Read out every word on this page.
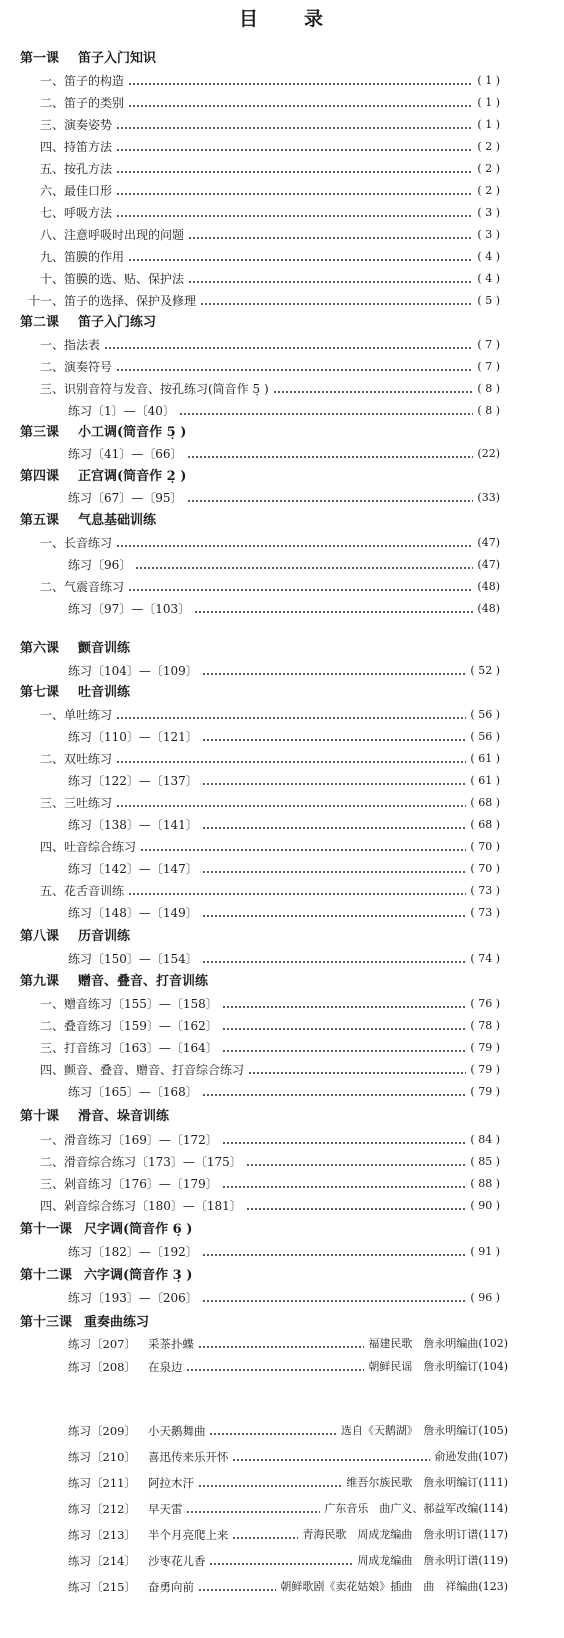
目 录
第一课	笛子入门知识
一、笛子的构造	( 1 )
二、笛子的类别	( 1 )
三、演奏姿势	( 1 )
四、持笛方法	( 2 )
五、按孔方法	( 2 )
六、最佳口形	( 2 )
七、呼吸方法	( 3 )
八、注意呼吸时出现的问题	( 3 )
九、笛膜的作用	( 4 )
十、笛膜的选、贴、保护法	( 4 )
十一、笛子的选择、保护及修理	( 5 )
第二课	笛子入门练习
一、指法表	( 7 )
二、演奏符号	( 7 )
三、识别音符与发音、按孔练习(筒音作 5̣ )	( 8 )
练习〔1〕—〔40〕	( 8 )
第三课	小工调(筒音作 5̣ )
练习〔41〕—〔66〕	(22)
第四课	正宫调(筒音作 2̣ )
练习〔67〕—〔95〕	(33)
第五课	气息基础训练
一、长音练习	(47)
练习〔96〕	(47)
二、气震音练习	(48)
练习〔97〕—〔103〕	(48)
第六课	颤音训练
练习〔104〕—〔109〕	( 52 )
第七课	吐音训练
一、单吐练习	( 56 )
练习〔110〕—〔121〕	( 56 )
二、双吐练习	( 61 )
练习〔122〕—〔137〕	( 61 )
三、三吐练习	( 68 )
练习〔138〕—〔141〕	( 68 )
四、吐音综合练习	( 70 )
练习〔142〕—〔147〕	( 70 )
五、花舌音训练	( 73 )
练习〔148〕—〔149〕	( 73 )
第八课	历音训练
练习〔150〕—〔154〕	( 74 )
第九课	赠音、叠音、打音训练
一、赠音练习〔155〕—〔158〕	( 76 )
二、叠音练习〔159〕—〔162〕	( 78 )
三、打音练习〔163〕—〔164〕	( 79 )
四、颤音、叠音、赠音、打音综合练习	( 79 )
练习〔165〕—〔168〕	( 79 )
第十课	滑音、垛音训练
一、滑音练习〔169〕—〔172〕	( 84 )
二、滑音综合练习〔173〕—〔175〕	( 85 )
三、剁音练习〔176〕—〔179〕	( 88 )
四、剁音综合练习〔180〕—〔181〕	( 90 )
第十一课 尺字调(筒音作 6̣ )
练习〔182〕—〔192〕	( 91 )
第十二课 六字调(筒音作 3̣ )
练习〔193〕—〔206〕	( 96 )
第十三课 重奏曲练习
练习〔207〕 采茶扑蝶	福建民歌　詹永明编曲(102)
练习〔208〕 在泉边	朝鲜民谣　詹永明编订(104)
练习〔209〕 小天鹅舞曲	选自《天鹅湖》　詹永明编订(105)
练习〔210〕 喜迅传来乐开怀	俞逊发曲(107)
练习〔211〕 阿拉木汗	维吾尔族民歌　詹永明编订(111)
练习〔212〕 早天雷	广东音乐　曲广义、郝益军改编(114)
练习〔213〕 半个月亮爬上来	青海民歌　周成龙编曲　詹永明订谱(117)
练习〔214〕 沙枣花儿香	周成龙编曲　詹永明订谱(119)
练习〔215〕 奋勇向前	朝鲜歌剧《卖花姑娘》插曲　曲　祥编曲(123)
